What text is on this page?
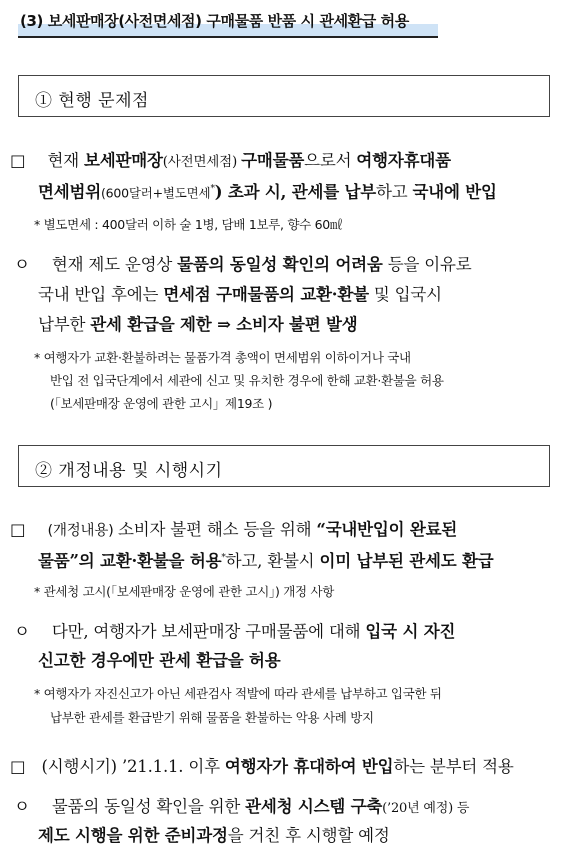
(3) 보세판매장(사전면세점) 구매물품 반품 시 관세환급 허용
① 현행 문제점
□ 현재 보세판매장(사전면세점) 구매물품으로서 여행자휴대품
면세범위(600달러+별도면세*) 초과 시, 관세를 납부하고 국내에 반입
* 별도면세 : 400달러 이하 술 1병, 담배 1보루, 향수 60㎖
ㅇ 현재 제도 운영상 물품의 동일성 확인의 어려움 등을 이유로
국내 반입 후에는 면세점 구매물품의 교환·환불 및 입국시
납부한 관세 환급을 제한 ⇒ 소비자 불편 발생
* 여행자가 교환·환불하려는 물품가격 총액이 면세범위 이하이거나 국내
반입 전 입국단계에서 세관에 신고 및 유치한 경우에 한해 교환·환불을 허용
(「보세판매장 운영에 관한 고시」제19조 )
② 개정내용 및 시행시기
□ (개정내용) 소비자 불편 해소 등을 위해 “국내반입이 완료된
물품”의 교환·환불을 허용*하고, 환불시 이미 납부된 관세도 환급
* 관세청 고시(「보세판매장 운영에 관한 고시」) 개정 사항
ㅇ 다만, 여행자가 보세판매장 구매물품에 대해 입국 시 자진
신고한 경우에만 관세 환급을 허용
* 여행자가 자진신고가 아닌 세관검사 적발에 따라 관세를 납부하고 입국한 뒤
납부한 관세를 환급받기 위해 물품을 환불하는 악용 사례 방지
□ (시행시기) ’21.1.1. 이후 여행자가 휴대하여 반입하는 분부터 적용
ㅇ 물품의 동일성 확인을 위한 관세청 시스템 구축(’20년 예정) 등
제도 시행을 위한 준비과정을 거친 후 시행할 예정
